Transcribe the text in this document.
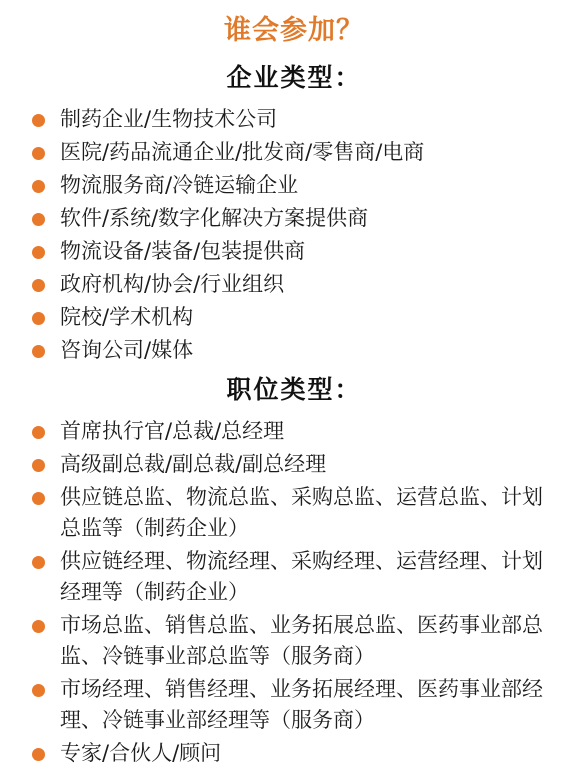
谁会参加？
企业类型：
制药企业/生物技术公司
医院/药品流通企业/批发商/零售商/电商
物流服务商/冷链运输企业
软件/系统/数字化解决方案提供商
物流设备/装备/包装提供商
政府机构/协会/行业组织
院校/学术机构
咨询公司/媒体
职位类型：
首席执行官/总裁/总经理
高级副总裁/副总裁/副总经理
供应链总监、物流总监、采购总监、运营总监、计划总监等（制药企业）
供应链经理、物流经理、采购经理、运营经理、计划经理等（制药企业）
市场总监、销售总监、业务拓展总监、医药事业部总监、冷链事业部总监等（服务商）
市场经理、销售经理、业务拓展经理、医药事业部经理、冷链事业部经理等（服务商）
专家/合伙人/顾问
